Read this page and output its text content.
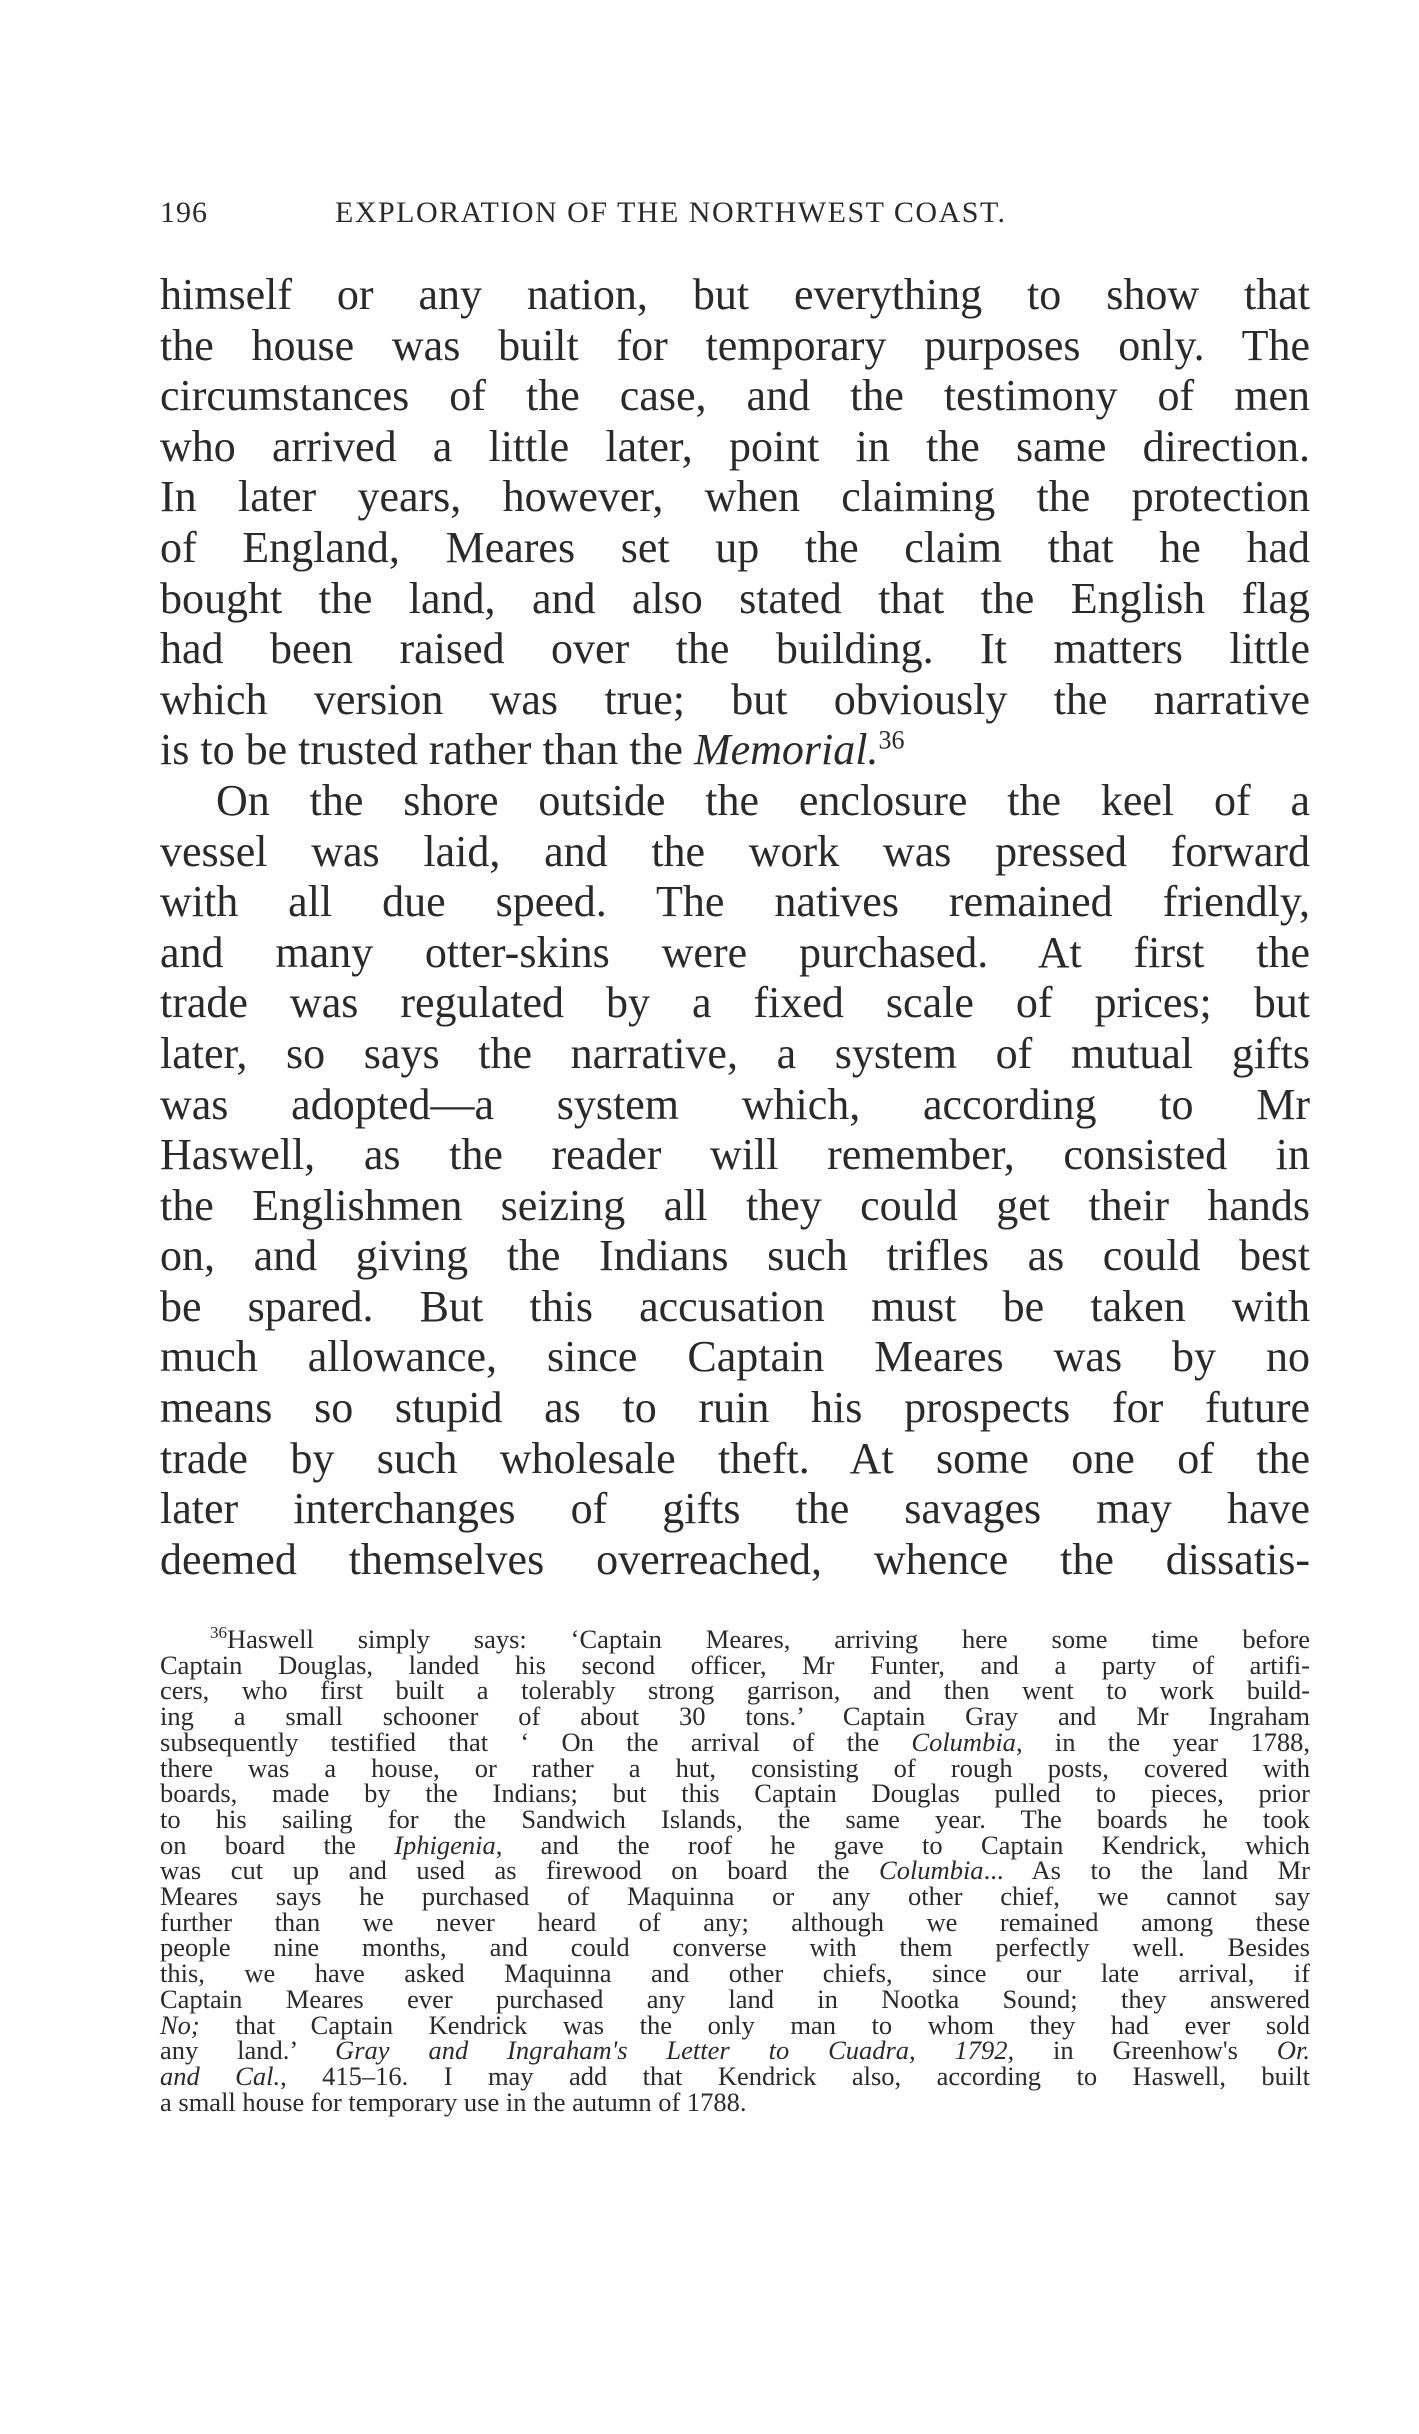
196	EXPLORATION OF THE NORTHWEST COAST.
himself or any nation, but everything to show that
the house was built for temporary purposes only. The
circumstances of the case, and the testimony of men
who arrived a little later, point in the same direction.
In later years, however, when claiming the protection
of England, Meares set up the claim that he had
bought the land, and also stated that the English flag
had been raised over the building. It matters little
which version was true; but obviously the narrative
is to be trusted rather than the Memorial.$^{36}$
On the shore outside the enclosure the keel of a
vessel was laid, and the work was pressed forward
with all due speed. The natives remained friendly,
and many otter-skins were purchased. At first the
trade was regulated by a fixed scale of prices; but
later, so says the narrative, a system of mutual gifts
was adopted—a system which, according to Mr
Haswell, as the reader will remember, consisted in
the Englishmen seizing all they could get their hands
on, and giving the Indians such trifles as could best
be spared. But this accusation must be taken with
much allowance, since Captain Meares was by no
means so stupid as to ruin his prospects for future
trade by such wholesale theft. At some one of the
later interchanges of gifts the savages may have
deemed themselves overreached, whence the dissatis-
$^{36}$Haswell simply says: ‘Captain Meares, arriving here some time before
Captain Douglas, landed his second officer, Mr Funter, and a party of artifi-
cers, who first built a tolerably strong garrison, and then went to work build-
ing a small schooner of about 30 tons.’ Captain Gray and Mr Ingraham
subsequently testified that ‘ On the arrival of the Columbia, in the year 1788,
there was a house, or rather a hut, consisting of rough posts, covered with
boards, made by the Indians; but this Captain Douglas pulled to pieces, prior
to his sailing for the Sandwich Islands, the same year. The boards he took
on board the Iphigenia, and the roof he gave to Captain Kendrick, which
was cut up and used as firewood on board the Columbia... As to the land Mr
Meares says he purchased of Maquinna or any other chief, we cannot say
further than we never heard of any; although we remained among these
people nine months, and could converse with them perfectly well. Besides
this, we have asked Maquinna and other chiefs, since our late arrival, if
Captain Meares ever purchased any land in Nootka Sound; they answered
No; that Captain Kendrick was the only man to whom they had ever sold
any land.’ Gray and Ingraham's Letter to Cuadra, 1792, in Greenhow's Or.
and Cal., 415–16. I may add that Kendrick also, according to Haswell, built
a small house for temporary use in the autumn of 1788.
